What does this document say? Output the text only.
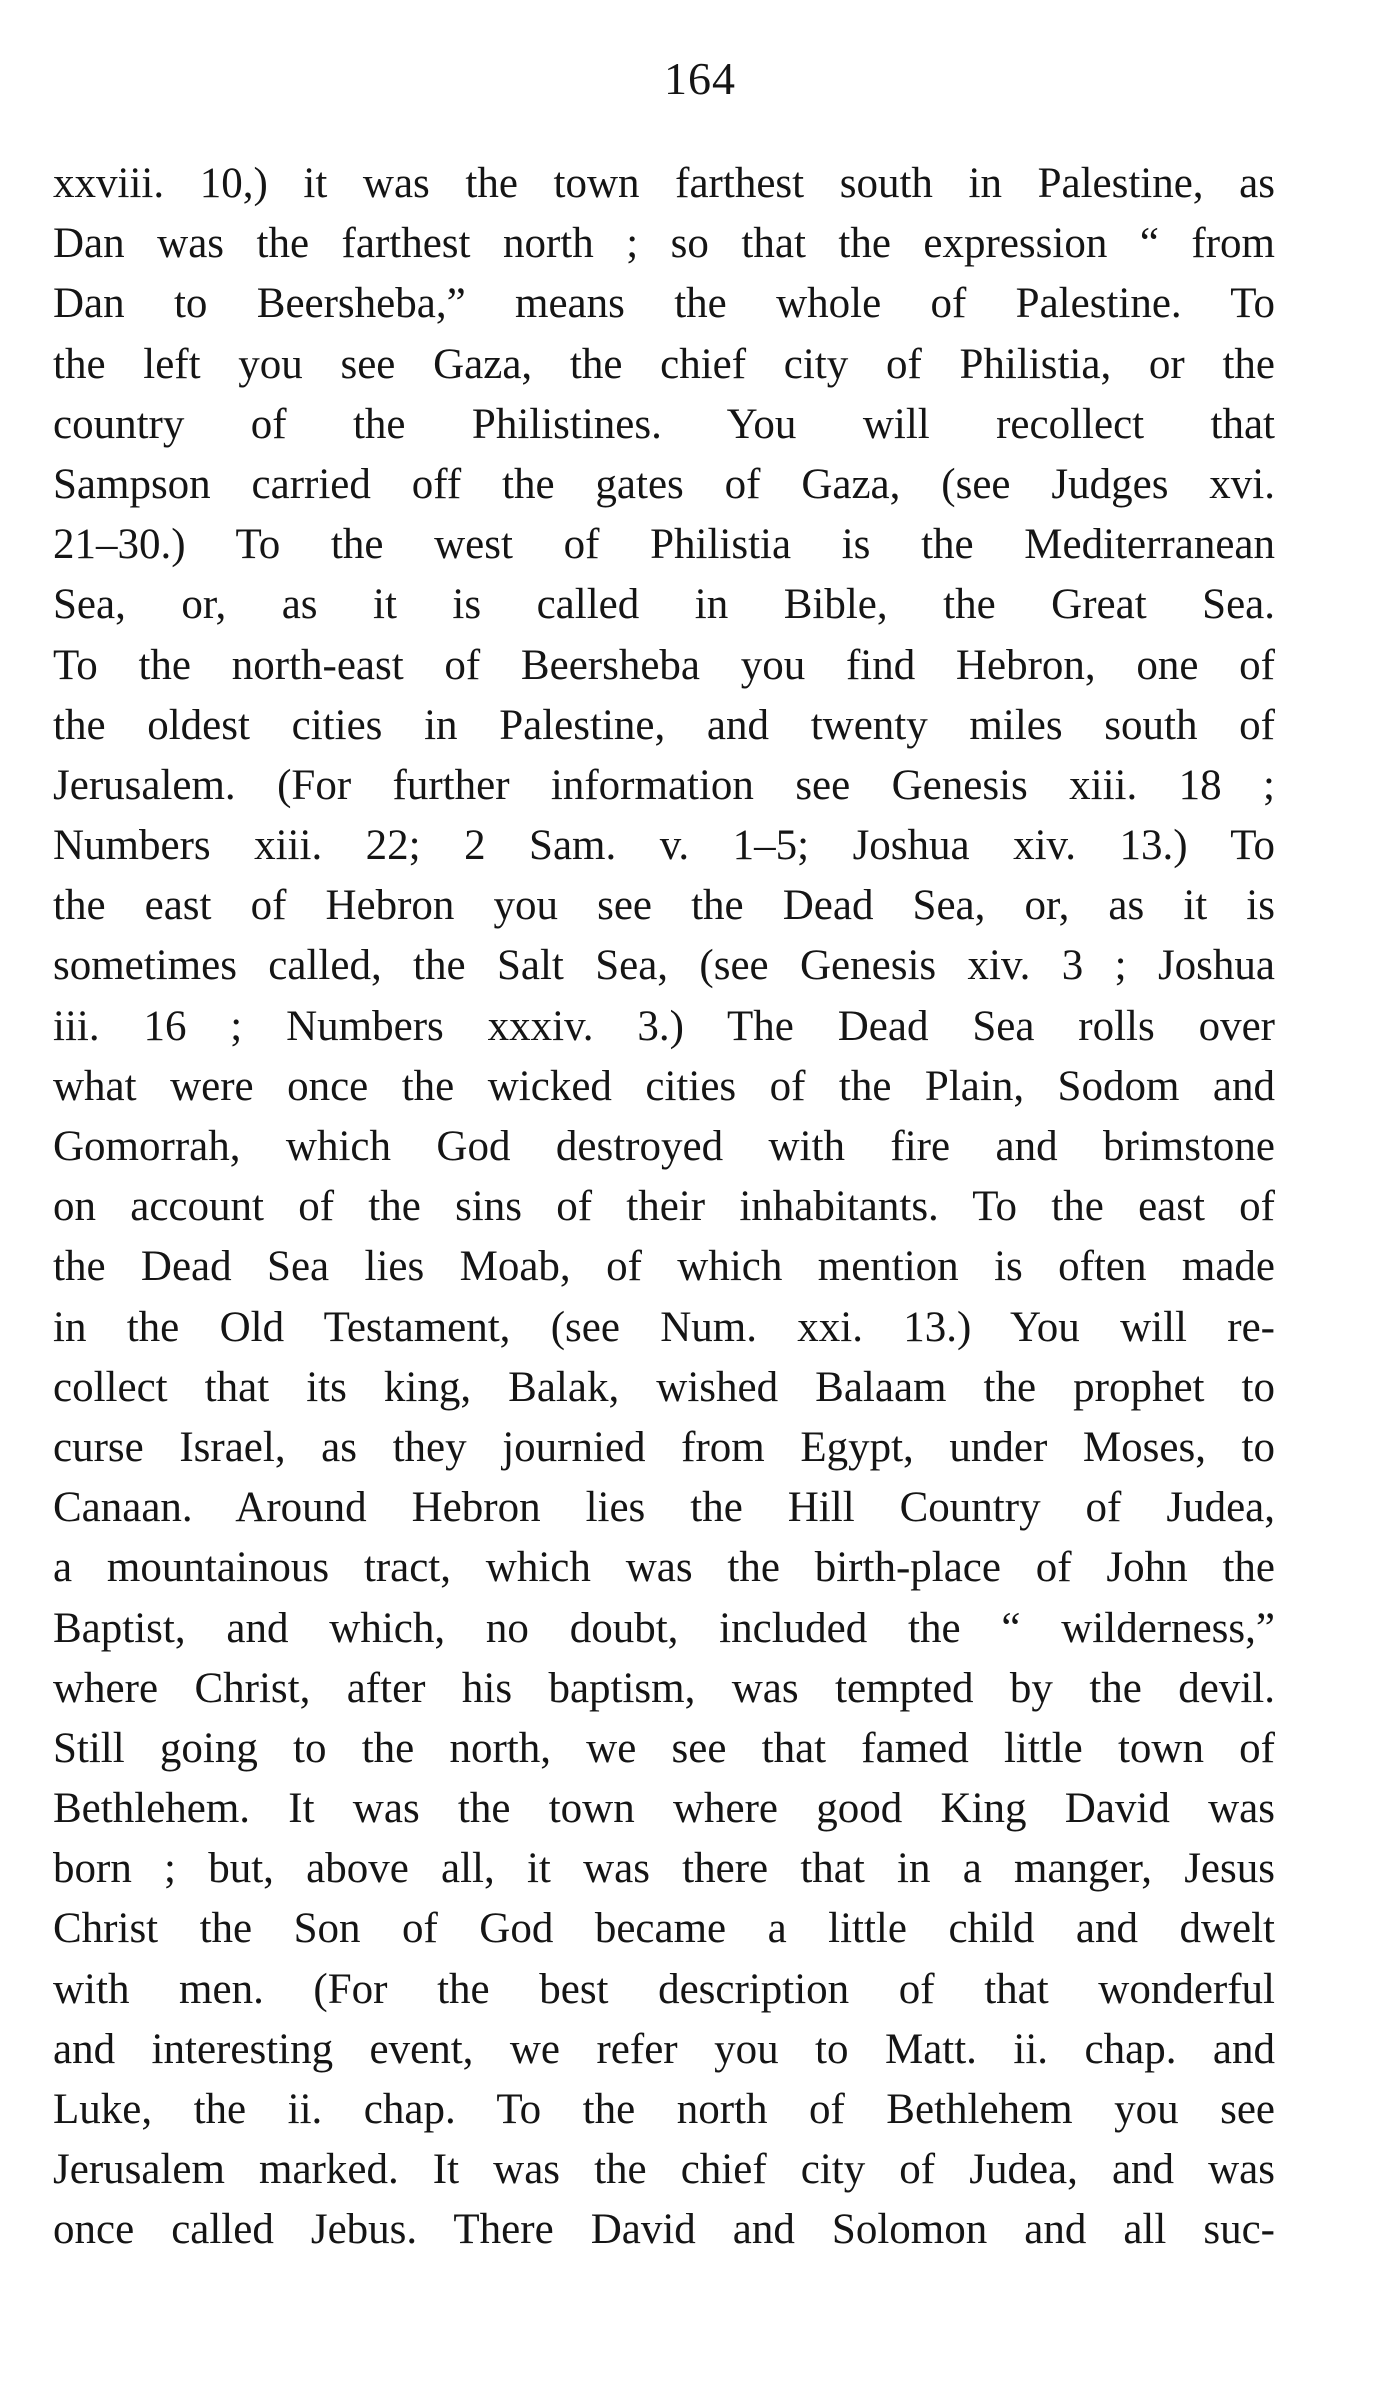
164
xxviii. 10,) it was the town farthest south in Palestine, as
Dan was the farthest north ; so that the expression “ from
Dan to Beersheba,” means the whole of Palestine. To
the left you see Gaza, the chief city of Philistia, or the
country of the Philistines. You will recollect that
Sampson carried off the gates of Gaza, (see Judges xvi.
21–30.) To the west of Philistia is the Mediterranean
Sea, or, as it is called in Bible, the Great Sea.
To the north-east of Beersheba you find Hebron, one of
the oldest cities in Palestine, and twenty miles south of
Jerusalem. (For further information see Genesis xiii. 18 ;
Numbers xiii. 22; 2 Sam. v. 1–5; Joshua xiv. 13.) To
the east of Hebron you see the Dead Sea, or, as it is
sometimes called, the Salt Sea, (see Genesis xiv. 3 ; Joshua
iii. 16 ; Numbers xxxiv. 3.) The Dead Sea rolls over
what were once the wicked cities of the Plain, Sodom and
Gomorrah, which God destroyed with fire and brimstone
on account of the sins of their inhabitants. To the east of
the Dead Sea lies Moab, of which mention is often made
in the Old Testament, (see Num. xxi. 13.) You will re-
collect that its king, Balak, wished Balaam the prophet to
curse Israel, as they journied from Egypt, under Moses, to
Canaan. Around Hebron lies the Hill Country of Judea,
a mountainous tract, which was the birth-place of John the
Baptist, and which, no doubt, included the “ wilderness,”
where Christ, after his baptism, was tempted by the devil.
Still going to the north, we see that famed little town of
Bethlehem. It was the town where good King David was
born ; but, above all, it was there that in a manger, Jesus
Christ the Son of God became a little child and dwelt
with men. (For the best description of that wonderful
and interesting event, we refer you to Matt. ii. chap. and
Luke, the ii. chap. To the north of Bethlehem you see
Jerusalem marked. It was the chief city of Judea, and was
once called Jebus. There David and Solomon and all suc-
